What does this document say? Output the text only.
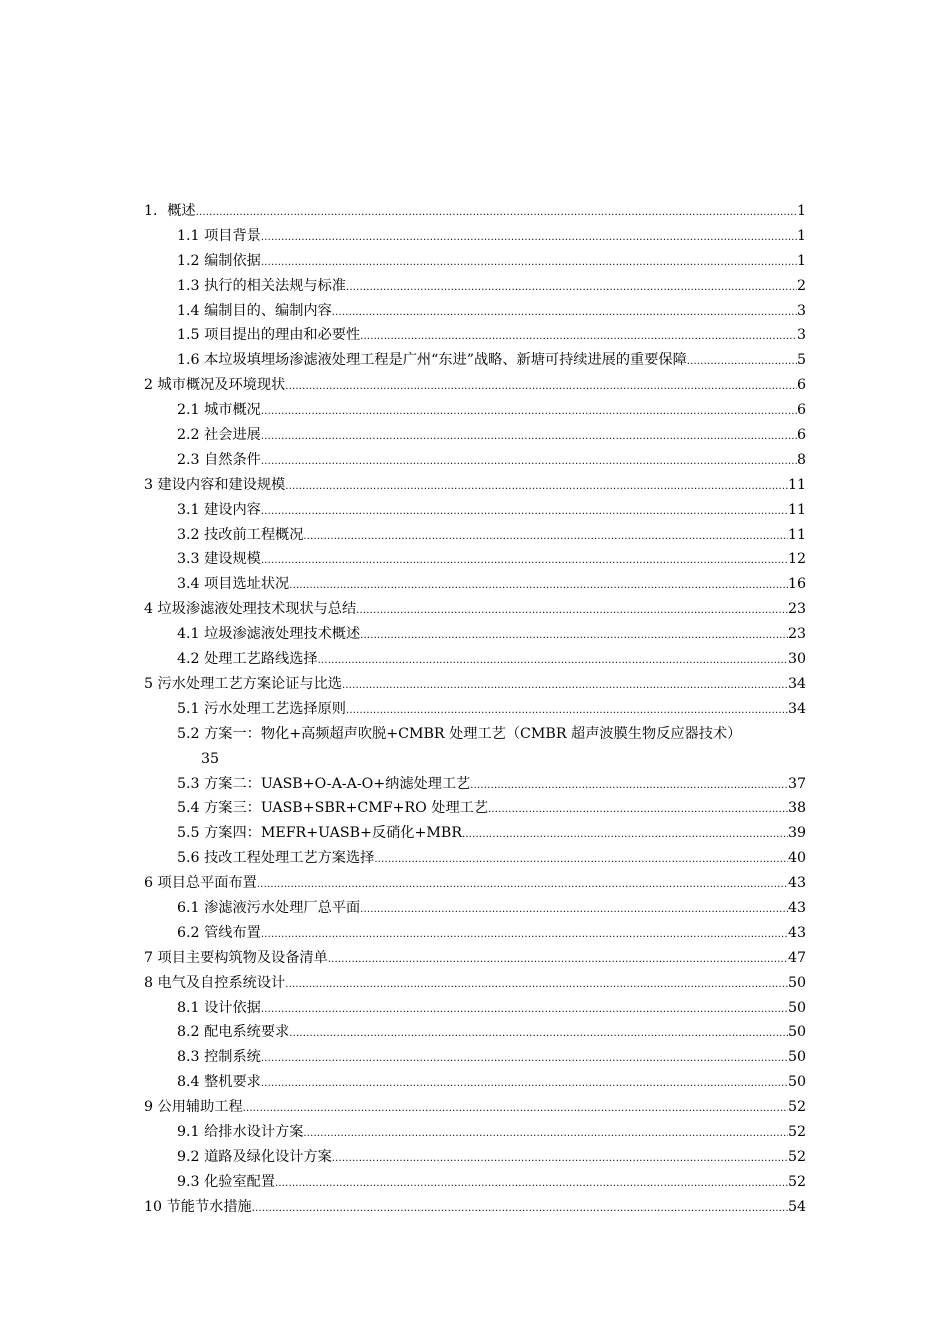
1．概述 .....	1
1.1 项目背景 .....	1
1.2 编制依据 .....	1
1.3 执行的相关法规与标准 .....	2
1.4 编制目的、编制内容 .....	3
1.5 项目提出的理由和必要性 .....	3
1.6 本垃圾填埋场渗滤液处理工程是广州“东进”战略、新塘可持续进展的重要保障 .....	5
2 城市概况及环境现状 .....	6
2.1 城市概况 .....	6
2.2 社会进展 .....	6
2.3 自然条件 .....	8
3 建设内容和建设规模 .....	11
3.1 建设内容 .....	11
3.2 技改前工程概况 .....	11
3.3 建设规模 .....	12
3.4 项目选址状况 .....	16
4 垃圾渗滤液处理技术现状与总结 .....	23
4.1 垃圾渗滤液处理技术概述 .....	23
4.2 处理工艺路线选择 .....	30
5 污水处理工艺方案论证与比选 .....	34
5.1 污水处理工艺选择原则 .....	34
5.2 方案一：物化+高频超声吹脱+CMBR 处理工艺（CMBR 超声波膜生物反应器技术）
35
5.3 方案二：UASB+O-A-A-O+纳滤处理工艺 .....	37
5.4 方案三：UASB+SBR+CMF+RO 处理工艺 .....	38
5.5 方案四：MEFR+UASB+反硝化+MBR .....	39
5.6 技改工程处理工艺方案选择 .....	40
6 项目总平面布置 .....	43
6.1 渗滤液污水处理厂总平面 .....	43
6.2 管线布置 .....	43
7 项目主要构筑物及设备清单 .....	47
8 电气及自控系统设计 .....	50
8.1 设计依据 .....	50
8.2 配电系统要求 .....	50
8.3 控制系统 .....	50
8.4 整机要求 .....	50
9 公用辅助工程 .....	52
9.1 给排水设计方案 .....	52
9.2 道路及绿化设计方案 .....	52
9.3 化验室配置 .....	52
10 节能节水措施 .....	54
